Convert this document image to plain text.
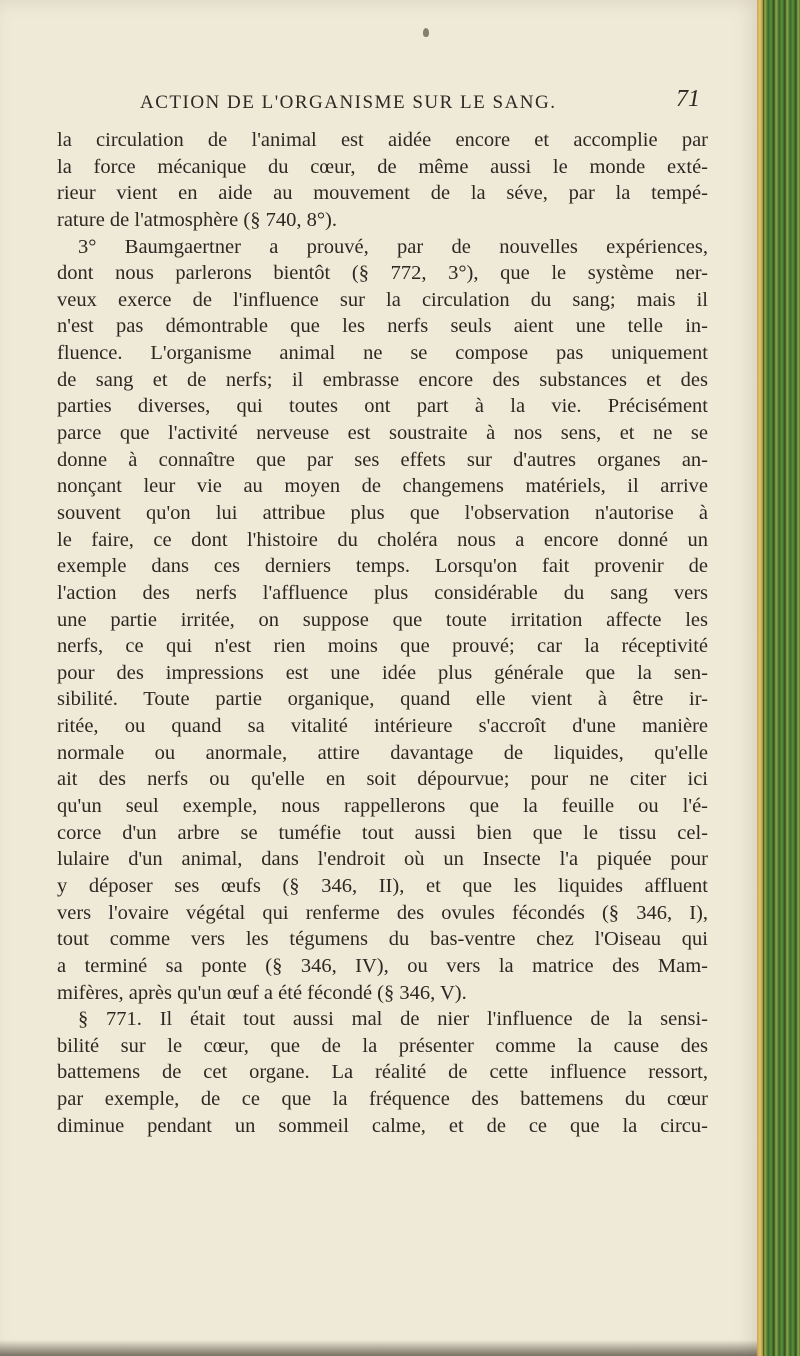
ACTION DE L'ORGANISME SUR LE SANG.	71
la circulation de l'animal est aidée encore et accomplie par
la force mécanique du cœur, de même aussi le monde exté-
rieur vient en aide au mouvement de la séve, par la tempé-
rature de l'atmosphère (§ 740, 8°).
3° Baumgaertner a prouvé, par de nouvelles expériences,
dont nous parlerons bientôt (§ 772, 3°), que le système ner-
veux exerce de l'influence sur la circulation du sang; mais il
n'est pas démontrable que les nerfs seuls aient une telle in-
fluence. L'organisme animal ne se compose pas uniquement
de sang et de nerfs; il embrasse encore des substances et des
parties diverses, qui toutes ont part à la vie. Précisément
parce que l'activité nerveuse est soustraite à nos sens, et ne se
donne à connaître que par ses effets sur d'autres organes an-
nonçant leur vie au moyen de changemens matériels, il arrive
souvent qu'on lui attribue plus que l'observation n'autorise à
le faire, ce dont l'histoire du choléra nous a encore donné un
exemple dans ces derniers temps. Lorsqu'on fait provenir de
l'action des nerfs l'affluence plus considérable du sang vers
une partie irritée, on suppose que toute irritation affecte les
nerfs, ce qui n'est rien moins que prouvé; car la réceptivité
pour des impressions est une idée plus générale que la sen-
sibilité. Toute partie organique, quand elle vient à être ir-
ritée, ou quand sa vitalité intérieure s'accroît d'une manière
normale ou anormale, attire davantage de liquides, qu'elle
ait des nerfs ou qu'elle en soit dépourvue; pour ne citer ici
qu'un seul exemple, nous rappellerons que la feuille ou l'é-
corce d'un arbre se tuméfie tout aussi bien que le tissu cel-
lulaire d'un animal, dans l'endroit où un Insecte l'a piquée pour
y déposer ses œufs (§ 346, II), et que les liquides affluent
vers l'ovaire végétal qui renferme des ovules fécondés (§ 346, I),
tout comme vers les tégumens du bas-ventre chez l'Oiseau qui
a terminé sa ponte (§ 346, IV), ou vers la matrice des Mam-
mifères, après qu'un œuf a été fécondé (§ 346, V).
§ 771. Il était tout aussi mal de nier l'influence de la sensi-
bilité sur le cœur, que de la présenter comme la cause des
battemens de cet organe. La réalité de cette influence ressort,
par exemple, de ce que la fréquence des battemens du cœur
diminue pendant un sommeil calme, et de ce que la circu-
